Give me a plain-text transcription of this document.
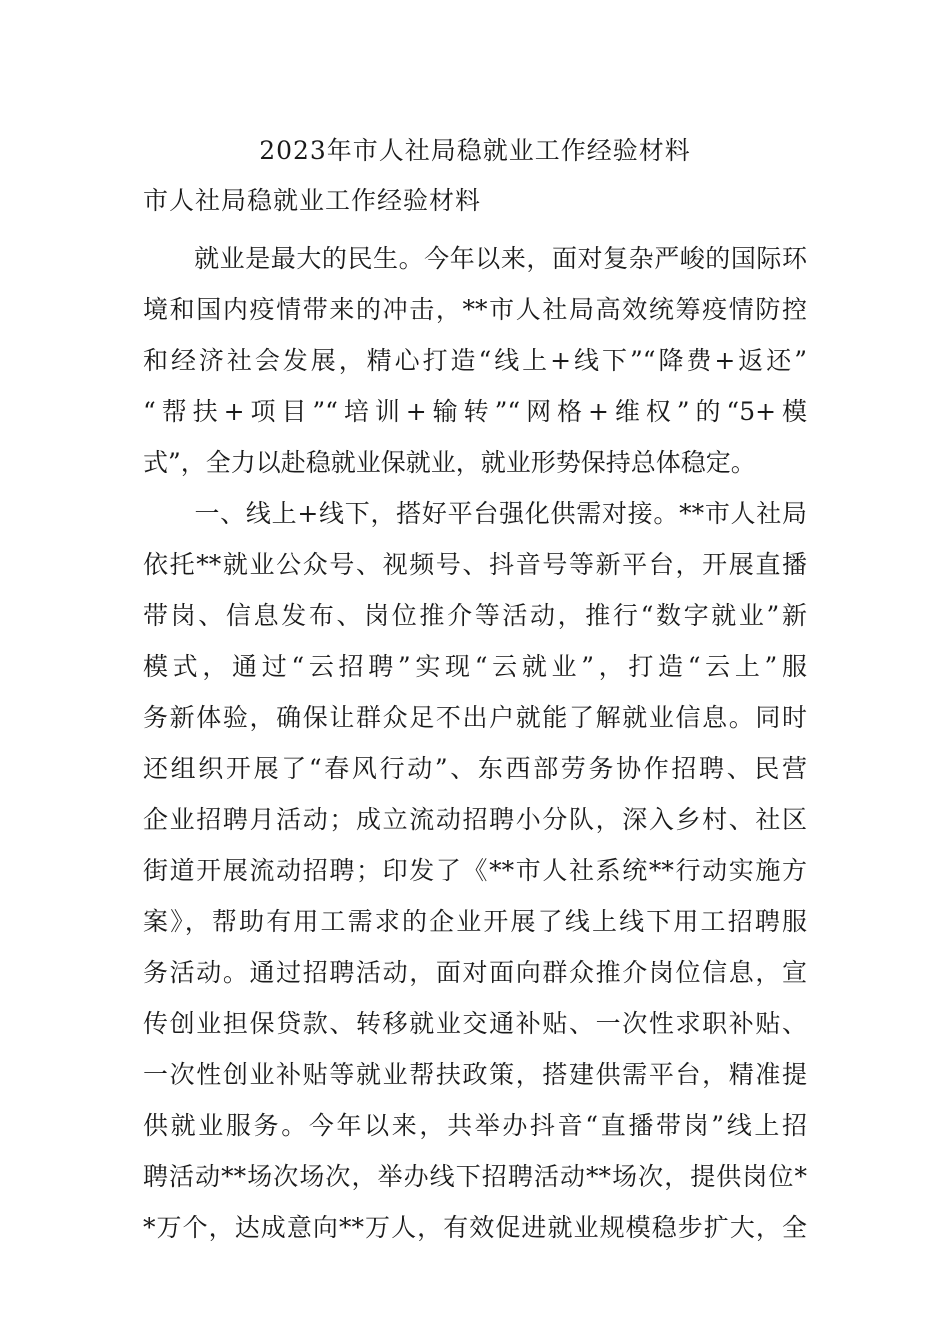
2023年市人社局稳就业工作经验材料
市人社局稳就业工作经验材料
　　就业是最大的民生。今年以来，面对复杂严峻的国际环
境和国内疫情带来的冲击，**市人社局高效统筹疫情防控
和经济社会发展，精心打造“线上+线下”“降费+返还”
“帮扶+项目”“培训+输转”“网格+维权”的“5+模
式”，全力以赴稳就业保就业，就业形势保持总体稳定。
　　一、线上+线下，搭好平台强化供需对接。**市人社局
依托**就业公众号、视频号、抖音号等新平台，开展直播
带岗、信息发布、岗位推介等活动，推行“数字就业”新
模式，通过“云招聘”实现“云就业”，打造“云上”服
务新体验，确保让群众足不出户就能了解就业信息。同时
还组织开展了“春风行动”、东西部劳务协作招聘、民营
企业招聘月活动；成立流动招聘小分队，深入乡村、社区
街道开展流动招聘；印发了《**市人社系统**行动实施方
案》，帮助有用工需求的企业开展了线上线下用工招聘服
务活动。通过招聘活动，面对面向群众推介岗位信息，宣
传创业担保贷款、转移就业交通补贴、一次性求职补贴、
一次性创业补贴等就业帮扶政策，搭建供需平台，精准提
供就业服务。今年以来，共举办抖音“直播带岗”线上招
聘活动**场次场次，举办线下招聘活动**场次，提供岗位*
*万个，达成意向**万人，有效促进就业规模稳步扩大，全
